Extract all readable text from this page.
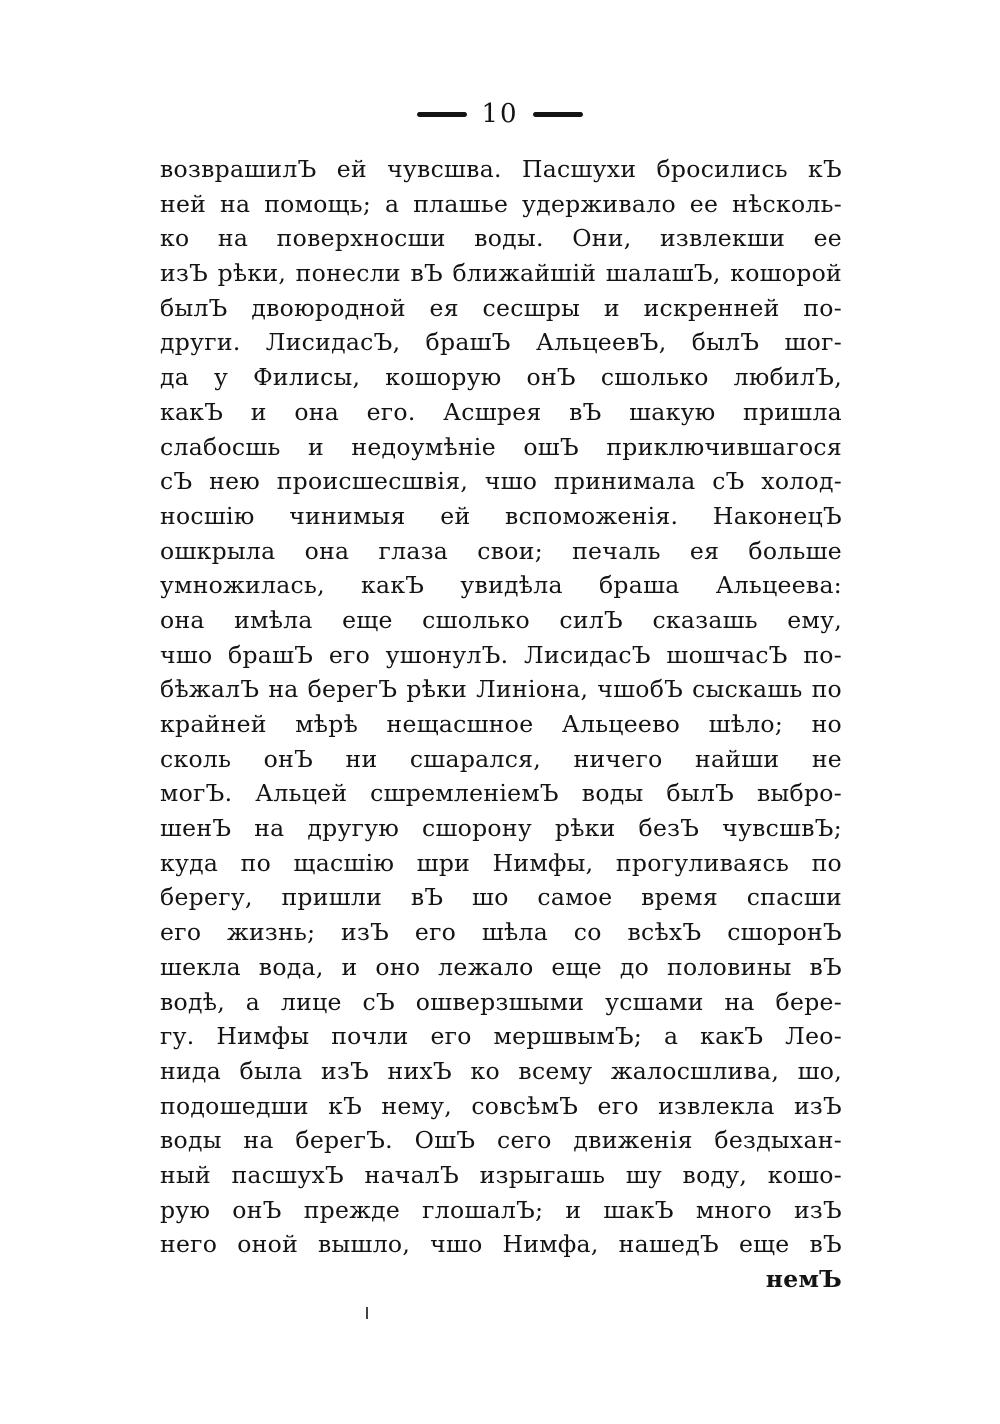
10
возврашилЪ ей чувсшва. Пасшухи бросились кЪ
ней на помощь; а плашье удерживало ее нѣсколь-
ко на поверхносши воды. Они, извлекши ее
изЪ рѣки, понесли вЪ ближайшій шалашЪ, кошорой
былЪ двоюродной ея сесшры и искренней по-
други. ЛисидасЪ, брашЪ АльцеевЪ, былЪ шог-
да у Филисы, кошорую онЪ сшолько любилЪ,
какЪ и она его. Асшрея вЪ шакую пришла
слабосшь и недоумѣніе ошЪ приключившагося
сЪ нею происшесшвія, чшо принимала сЪ холод-
носшію чинимыя ей вспоможенія. НаконецЪ
ошкрыла она глаза свои; печаль ея больше
умножилась, какЪ увидѣла браша Альцеева:
она имѣла еще сшолько силЪ сказашь ему,
чшо брашЪ его ушонулЪ. ЛисидасЪ шошчасЪ по-
бѣжалЪ на берегЪ рѣки Линіона, чшобЪ сыскашь по
крайней мѣрѣ нещасшное Альцеево шѣло; но
сколь онЪ ни сшарался, ничего найши не
могЪ. Альцей сшремленіемЪ воды былЪ выбро-
шенЪ на другую сшорону рѣки безЪ чувсшвЪ;
куда по щасшію шри Нимфы, прогуливаясь по
берегу, пришли вЪ шо самое время спасши
его жизнь; изЪ его шѣла со всѣхЪ сшоронЪ
шекла вода, и оно лежало еще до половины вЪ
водѣ, а лице сЪ ошверзшыми усшами на бере-
гу. Нимфы почли его мершвымЪ; а какЪ Лео-
нида была изЪ нихЪ ко всему жалосшлива, шо,
подошедши кЪ нему, совсѣмЪ его извлекла изЪ
воды на берегЪ. ОшЪ сего движенія бездыхан-
ный пасшухЪ началЪ изрыгашь шу воду, кошо-
рую онЪ прежде глошалЪ; и шакЪ много изЪ
него оной вышло, чшо Нимфа, нашедЪ еще вЪ
немЪ
